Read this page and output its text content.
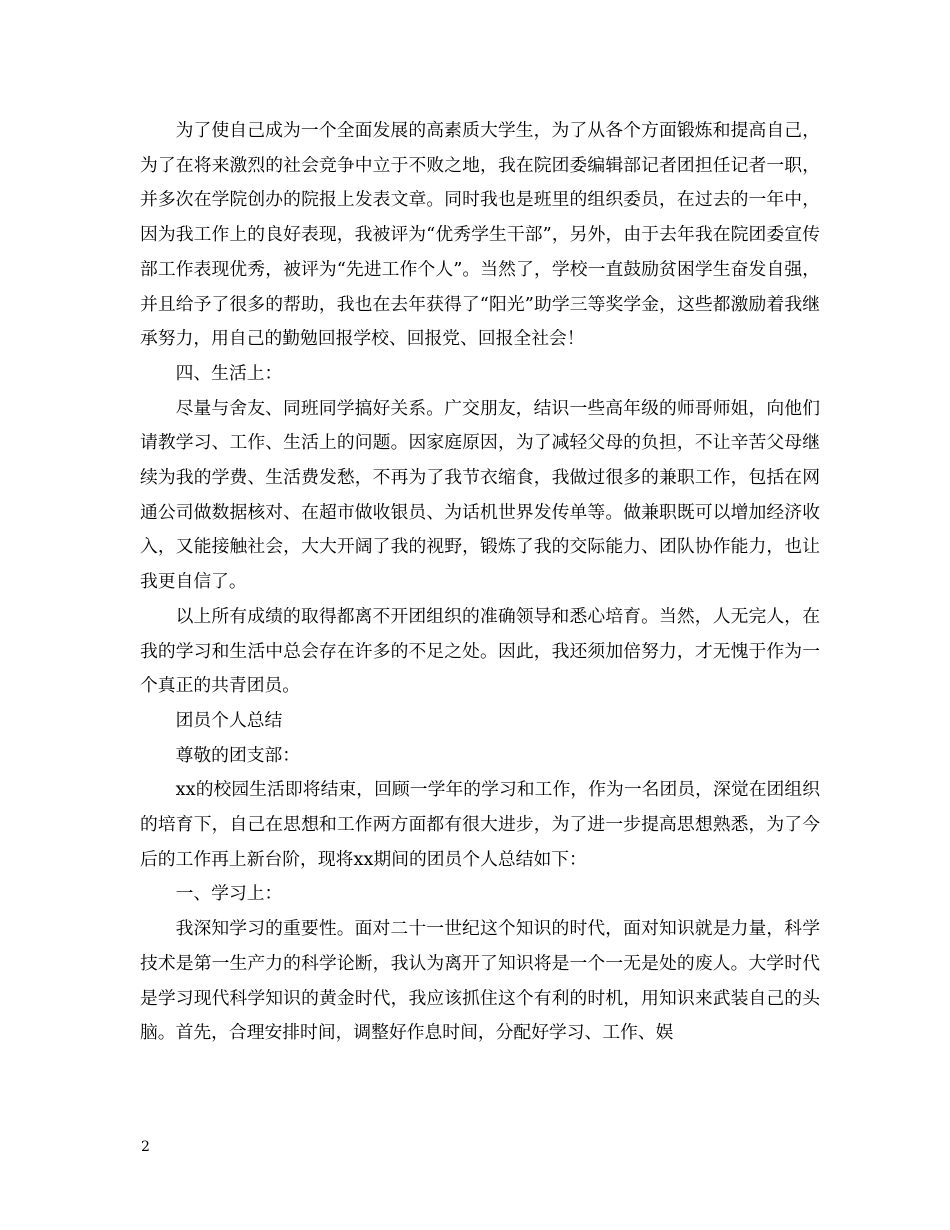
为了使自己成为一个全面发展的高素质大学生，为了从各个方面锻炼和提高自己，为了在将来激烈的社会竞争中立于不败之地，我在院团委编辑部记者团担任记者一职，并多次在学院创办的院报上发表文章。同时我也是班里的组织委员，在过去的一年中，因为我工作上的良好表现，我被评为“优秀学生干部”，另外，由于去年我在院团委宣传部工作表现优秀，被评为“先进工作个人”。当然了，学校一直鼓励贫困学生奋发自强，并且给予了很多的帮助，我也在去年获得了“阳光”助学三等奖学金，这些都激励着我继承努力，用自己的勤勉回报学校、回报党、回报全社会！

四、生活上：

尽量与舍友、同班同学搞好关系。广交朋友，结识一些高年级的师哥师姐，向他们请教学习、工作、生活上的问题。因家庭原因，为了减轻父母的负担，不让辛苦父母继续为我的学费、生活费发愁，不再为了我节衣缩食，我做过很多的兼职工作，包括在网通公司做数据核对、在超市做收银员、为话机世界发传单等。做兼职既可以增加经济收入，又能接触社会，大大开阔了我的视野，锻炼了我的交际能力、团队协作能力，也让我更自信了。

以上所有成绩的取得都离不开团组织的准确领导和悉心培育。当然，人无完人，在我的学习和生活中总会存在许多的不足之处。因此，我还须加倍努力，才无愧于作为一个真正的共青团员。

团员个人总结

尊敬的团支部：

xx的校园生活即将结束，回顾一学年的学习和工作，作为一名团员，深觉在团组织的培育下，自己在思想和工作两方面都有很大进步，为了进一步提高思想熟悉，为了今后的工作再上新台阶，现将xx期间的团员个人总结如下：

一、学习上：

我深知学习的重要性。面对二十一世纪这个知识的时代，面对知识就是力量，科学技术是第一生产力的科学论断，我认为离开了知识将是一个一无是处的废人。大学时代是学习现代科学知识的黄金时代，我应该抓住这个有利的时机，用知识来武装自己的头脑。首先，合理安排时间，调整好作息时间，分配好学习、工作、娱

2
